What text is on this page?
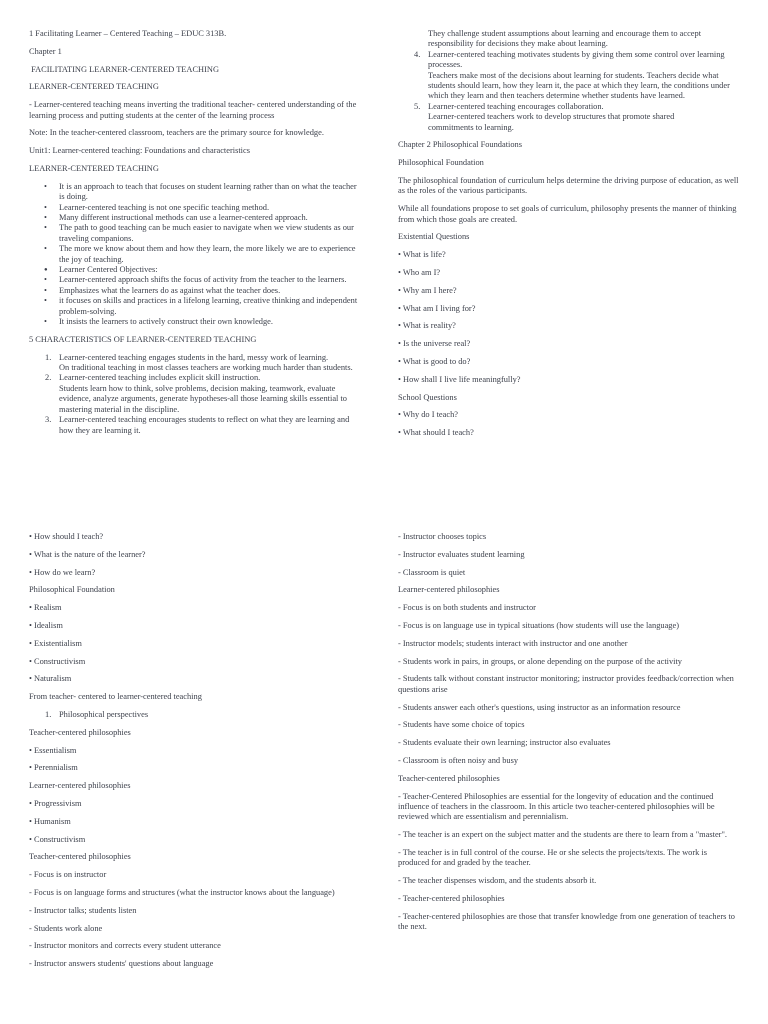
1 Facilitating Learner – Centered Teaching – EDUC 313B.

Chapter 1

FACILITATING LEARNER-CENTERED TEACHING

LEARNER-CENTERED TEACHING

- Learner-centered teaching means inverting the traditional teacher- centered understanding of the learning process and putting students at the center of the learning process

Note: In the teacher-centered classroom, teachers are the primary source for knowledge.

Unit1: Learner-centered teaching: Foundations and characteristics

LEARNER-CENTERED TEACHING

• It is an approach to teach that focuses on student learning rather than on what the teacher is doing.
• Learner-centered teaching is not one specific teaching method.
• Many different instructional methods can use a learner-centered approach.
• The path to good teaching can be much easier to navigate when we view students as our traveling companions.
• The more we know about them and how they learn, the more likely we are to experience the joy of teaching.
● Learner Centered Objectives:
• Learner-centered approach shifts the focus of activity from the teacher to the learners.
• Emphasizes what the learners do as against what the teacher does.
• it focuses on skills and practices in a lifelong learning, creative thinking and independent problem-solving.
• It insists the learners to actively construct their own knowledge.

5 CHARACTERISTICS OF LEARNER-CENTERED TEACHING

1. Learner-centered teaching engages students in the hard, messy work of learning.
On traditional teaching in most classes teachers are working much harder than students.
2. Learner-centered teaching includes explicit skill instruction.
Students learn how to think, solve problems, decision making, teamwork, evaluate evidence, analyze arguments, generate hypotheses-all those learning skills essential to mastering material in the discipline.
3. Learner-centered teaching encourages students to reflect on what they are learning and how they are learning it.

They challenge student assumptions about learning and encourage them to accept responsibility for decisions they make about learning.

4. Learner-centered teaching motivates students by giving them some control over learning processes.
Teachers make most of the decisions about learning for students. Teachers decide what students should learn, how they learn it, the pace at which they learn, the conditions under which they learn and then teachers determine whether students have learned.
5. Learner-centered teaching encourages collaboration.
Learner-centered teachers work to develop structures that promote shared commitments to learning.

Chapter 2 Philosophical Foundations

Philosophical Foundation

The philosophical foundation of curriculum helps determine the driving purpose of education, as well as the roles of the various participants.

While all foundations propose to set goals of curriculum, philosophy presents the manner of thinking from which those goals are created.

Existential Questions

• What is life?

• Who am I?

• Why am I here?

• What am I living for?

• What is reality?

• Is the universe real?

• What is good to do?

• How shall I live life meaningfully?

School Questions

• Why do I teach?

• What should I teach?

• How should I teach?

• What is the nature of the learner?

• How do we learn?

Philosophical Foundation

• Realism

• Idealism

• Existentialism

• Constructivism

• Naturalism

From teacher- centered to learner-centered teaching

1. Philosophical perspectives

Teacher-centered philosophies

• Essentialism

• Perennialism

Learner-centered philosophies

• Progressivism

• Humanism

• Constructivism

Teacher-centered philosophies

- Focus is on instructor

- Focus is on language forms and structures (what the instructor knows about the language)

- Instructor talks; students listen

- Students work alone

- Instructor monitors and corrects every student utterance

- Instructor answers students' questions about language

- Instructor chooses topics

- Instructor evaluates student learning

- Classroom is quiet

Learner-centered philosophies

- Focus is on both students and instructor

- Focus is on language use in typical situations (how students will use the language)

- Instructor models; students interact with instructor and one another

- Students work in pairs, in groups, or alone depending on the purpose of the activity

- Students talk without constant instructor monitoring; instructor provides feedback/correction when questions arise

- Students answer each other's questions, using instructor as an information resource

- Students have some choice of topics

- Students evaluate their own learning; instructor also evaluates

- Classroom is often noisy and busy

Teacher-centered philosophies

- Teacher-Centered Philosophies are essential for the longevity of education and the continued influence of teachers in the classroom. In this article two teacher-centered philosophies will be reviewed which are essentialism and perennialism.

- The teacher is an expert on the subject matter and the students are there to learn from a "master".

- The teacher is in full control of the course. He or she selects the projects/texts. The work is produced for and graded by the teacher.

- The teacher dispenses wisdom, and the students absorb it.

- Teacher-centered philosophies

- Teacher-centered philosophies are those that transfer knowledge from one generation of teachers to the next.
